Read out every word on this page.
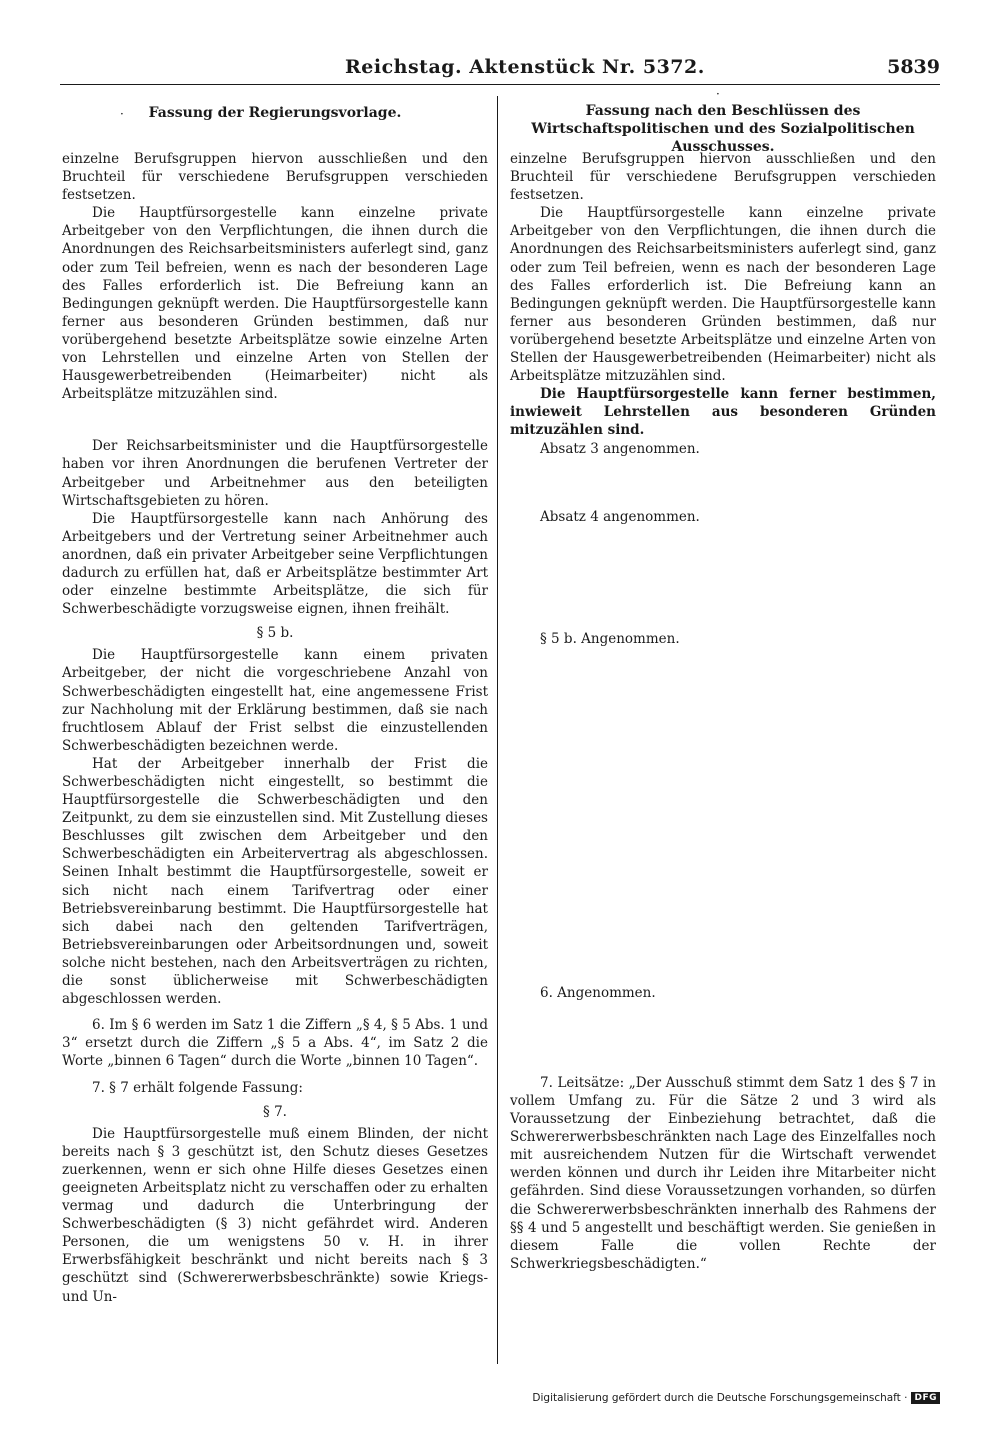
Reichstag. Aktenstück Nr. 5372.	5839
·
·
Fassung der Regierungsvorlage.

einzelne Berufsgruppen hiervon ausschließen und den Bruchteil für verschiedene Berufsgruppen verschieden festsetzen.

Die Hauptfürsorgestelle kann einzelne private Arbeitgeber von den Verpflichtungen, die ihnen durch die Anordnungen des Reichsarbeitsministers auferlegt sind, ganz oder zum Teil befreien, wenn es nach der besonderen Lage des Falles erforderlich ist. Die Befreiung kann an Bedingungen geknüpft werden. Die Hauptfürsorgestelle kann ferner aus besonderen Gründen bestimmen, daß nur vorübergehend besetzte Arbeitsplätze sowie einzelne Arten von Lehrstellen und einzelne Arten von Stellen der Hausgewerbetreibenden (Heimarbeiter) nicht als Arbeitsplätze mitzuzählen sind.

Der Reichsarbeitsminister und die Hauptfürsorgestelle haben vor ihren Anordnungen die berufenen Vertreter der Arbeitgeber und Arbeitnehmer aus den beteiligten Wirtschaftsgebieten zu hören.

Die Hauptfürsorgestelle kann nach Anhörung des Arbeitgebers und der Vertretung seiner Arbeitnehmer auch anordnen, daß ein privater Arbeitgeber seine Verpflichtungen dadurch zu erfüllen hat, daß er Arbeitsplätze bestimmter Art oder einzelne bestimmte Arbeitsplätze, die sich für Schwerbeschädigte vorzugsweise eignen, ihnen freihält.

§ 5 b.

Die Hauptfürsorgestelle kann einem privaten Arbeitgeber, der nicht die vorgeschriebene Anzahl von Schwerbeschädigten eingestellt hat, eine angemessene Frist zur Nachholung mit der Erklärung bestimmen, daß sie nach fruchtlosem Ablauf der Frist selbst die einzustellenden Schwerbeschädigten bezeichnen werde.

Hat der Arbeitgeber innerhalb der Frist die Schwerbeschädigten nicht eingestellt, so bestimmt die Hauptfürsorgestelle die Schwerbeschädigten und den Zeitpunkt, zu dem sie einzustellen sind. Mit Zustellung dieses Beschlusses gilt zwischen dem Arbeitgeber und den Schwerbeschädigten ein Arbeitervertrag als abgeschlossen. Seinen Inhalt bestimmt die Hauptfürsorgestelle, soweit er sich nicht nach einem Tarifvertrag oder einer Betriebsvereinbarung bestimmt. Die Hauptfürsorgestelle hat sich dabei nach den geltenden Tarifverträgen, Betriebsvereinbarungen oder Arbeitsordnungen und, soweit solche nicht bestehen, nach den Arbeitsverträgen zu richten, die sonst üblicherweise mit Schwerbeschädigten abgeschlossen werden.

6. Im § 6 werden im Satz 1 die Ziffern „§ 4, § 5 Abs. 1 und 3“ ersetzt durch die Ziffern „§ 5 a Abs. 4“, im Satz 2 die Worte „binnen 6 Tagen“ durch die Worte „binnen 10 Tagen“.

7. § 7 erhält folgende Fassung:

§ 7.

Die Hauptfürsorgestelle muß einem Blinden, der nicht bereits nach § 3 geschützt ist, den Schutz dieses Gesetzes zuerkennen, wenn er sich ohne Hilfe dieses Gesetzes einen geeigneten Arbeitsplatz nicht zu verschaffen oder zu erhalten vermag und dadurch die Unterbringung der Schwerbeschädigten (§ 3) nicht gefährdet wird. Anderen Personen, die um wenigstens 50 v. H. in ihrer Erwerbsfähigkeit beschränkt und nicht bereits nach § 3 geschützt sind (Schwererwerbsbeschränkte) sowie Kriegs- und Un-

Fassung nach den Beschlüssen des Wirtschaftspolitischen und des Sozialpolitischen Ausschusses.

einzelne Berufsgruppen hiervon ausschließen und den Bruchteil für verschiedene Berufsgruppen verschieden festsetzen.

Die Hauptfürsorgestelle kann einzelne private Arbeitgeber von den Verpflichtungen, die ihnen durch die Anordnungen des Reichsarbeitsministers auferlegt sind, ganz oder zum Teil befreien, wenn es nach der besonderen Lage des Falles erforderlich ist. Die Befreiung kann an Bedingungen geknüpft werden. Die Hauptfürsorgestelle kann ferner aus besonderen Gründen bestimmen, daß nur vorübergehend besetzte Arbeitsplätze und einzelne Arten von Stellen der Hausgewerbetreibenden (Heimarbeiter) nicht als Arbeitsplätze mitzuzählen sind.

Die Hauptfürsorgestelle kann ferner bestimmen, inwieweit Lehrstellen aus besonderen Gründen mitzuzählen sind.

Absatz 3 angenommen.

Absatz 4 angenommen.

§ 5 b. Angenommen.

6. Angenommen.

7. Leitsätze: „Der Ausschuß stimmt dem Satz 1 des § 7 in vollem Umfang zu. Für die Sätze 2 und 3 wird als Voraussetzung der Einbeziehung betrachtet, daß die Schwererwerbsbeschränkten nach Lage des Einzelfalles noch mit ausreichendem Nutzen für die Wirtschaft verwendet werden können und durch ihr Leiden ihre Mitarbeiter nicht gefährden. Sind diese Voraussetzungen vorhanden, so dürfen die Schwererwerbsbeschränkten innerhalb des Rahmens der §§ 4 und 5 angestellt und beschäftigt werden. Sie genießen in diesem Falle die vollen Rechte der Schwerkriegsbeschädigten.“

Digitalisierung gefördert durch die Deutsche Forschungsgemeinschaft · DFG
